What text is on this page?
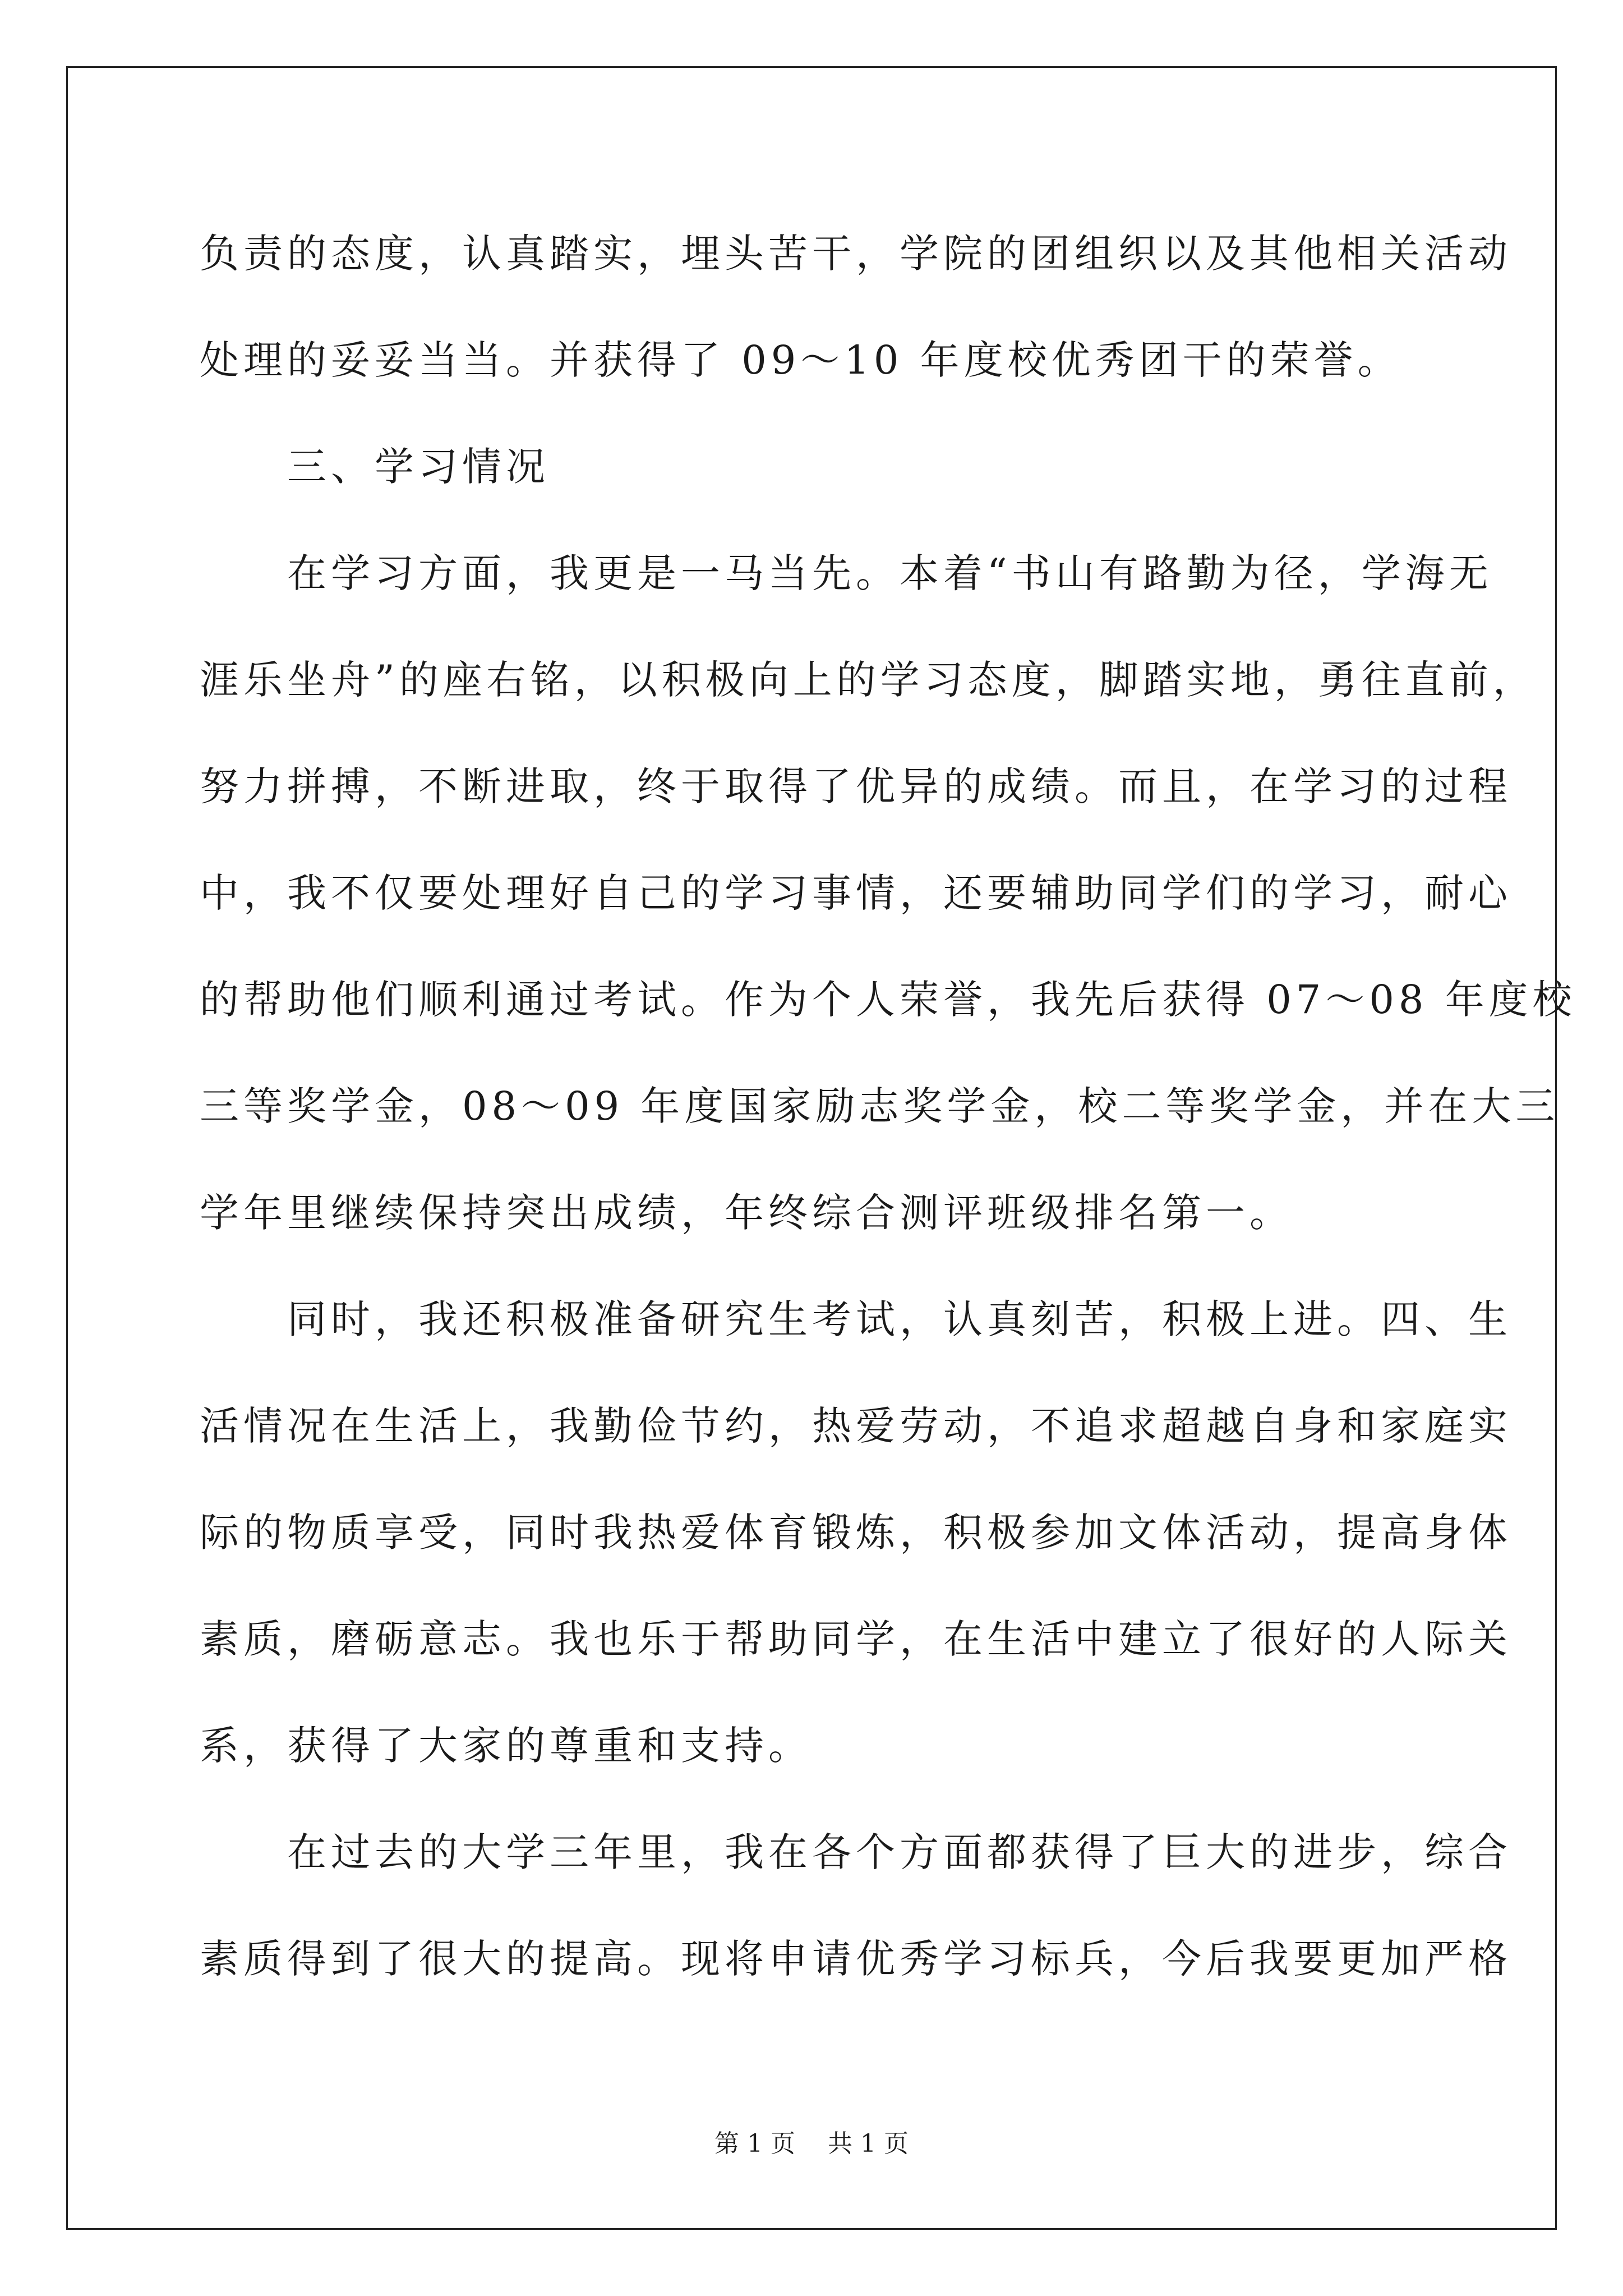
负责的态度，认真踏实，埋头苦干，学院的团组织以及其他相关活动
处理的妥妥当当。并获得了 09～10 年度校优秀团干的荣誉。
　　三、学习情况
　　在学习方面，我更是一马当先。本着“书山有路勤为径，学海无
涯乐坐舟”的座右铭，以积极向上的学习态度，脚踏实地，勇往直前，
努力拼搏，不断进取，终于取得了优异的成绩。而且，在学习的过程
中，我不仅要处理好自己的学习事情，还要辅助同学们的学习，耐心
的帮助他们顺利通过考试。作为个人荣誉，我先后获得 07～08 年度校
三等奖学金，08～09 年度国家励志奖学金，校二等奖学金，并在大三
学年里继续保持突出成绩，年终综合测评班级排名第一。
　　同时，我还积极准备研究生考试，认真刻苦，积极上进。四、生
活情况在生活上，我勤俭节约，热爱劳动，不追求超越自身和家庭实
际的物质享受，同时我热爱体育锻炼，积极参加文体活动，提高身体
素质，磨砺意志。我也乐于帮助同学，在生活中建立了很好的人际关
系，获得了大家的尊重和支持。
　　在过去的大学三年里，我在各个方面都获得了巨大的进步，综合
素质得到了很大的提高。现将申请优秀学习标兵，今后我要更加严格
第 1 页 共 1 页
